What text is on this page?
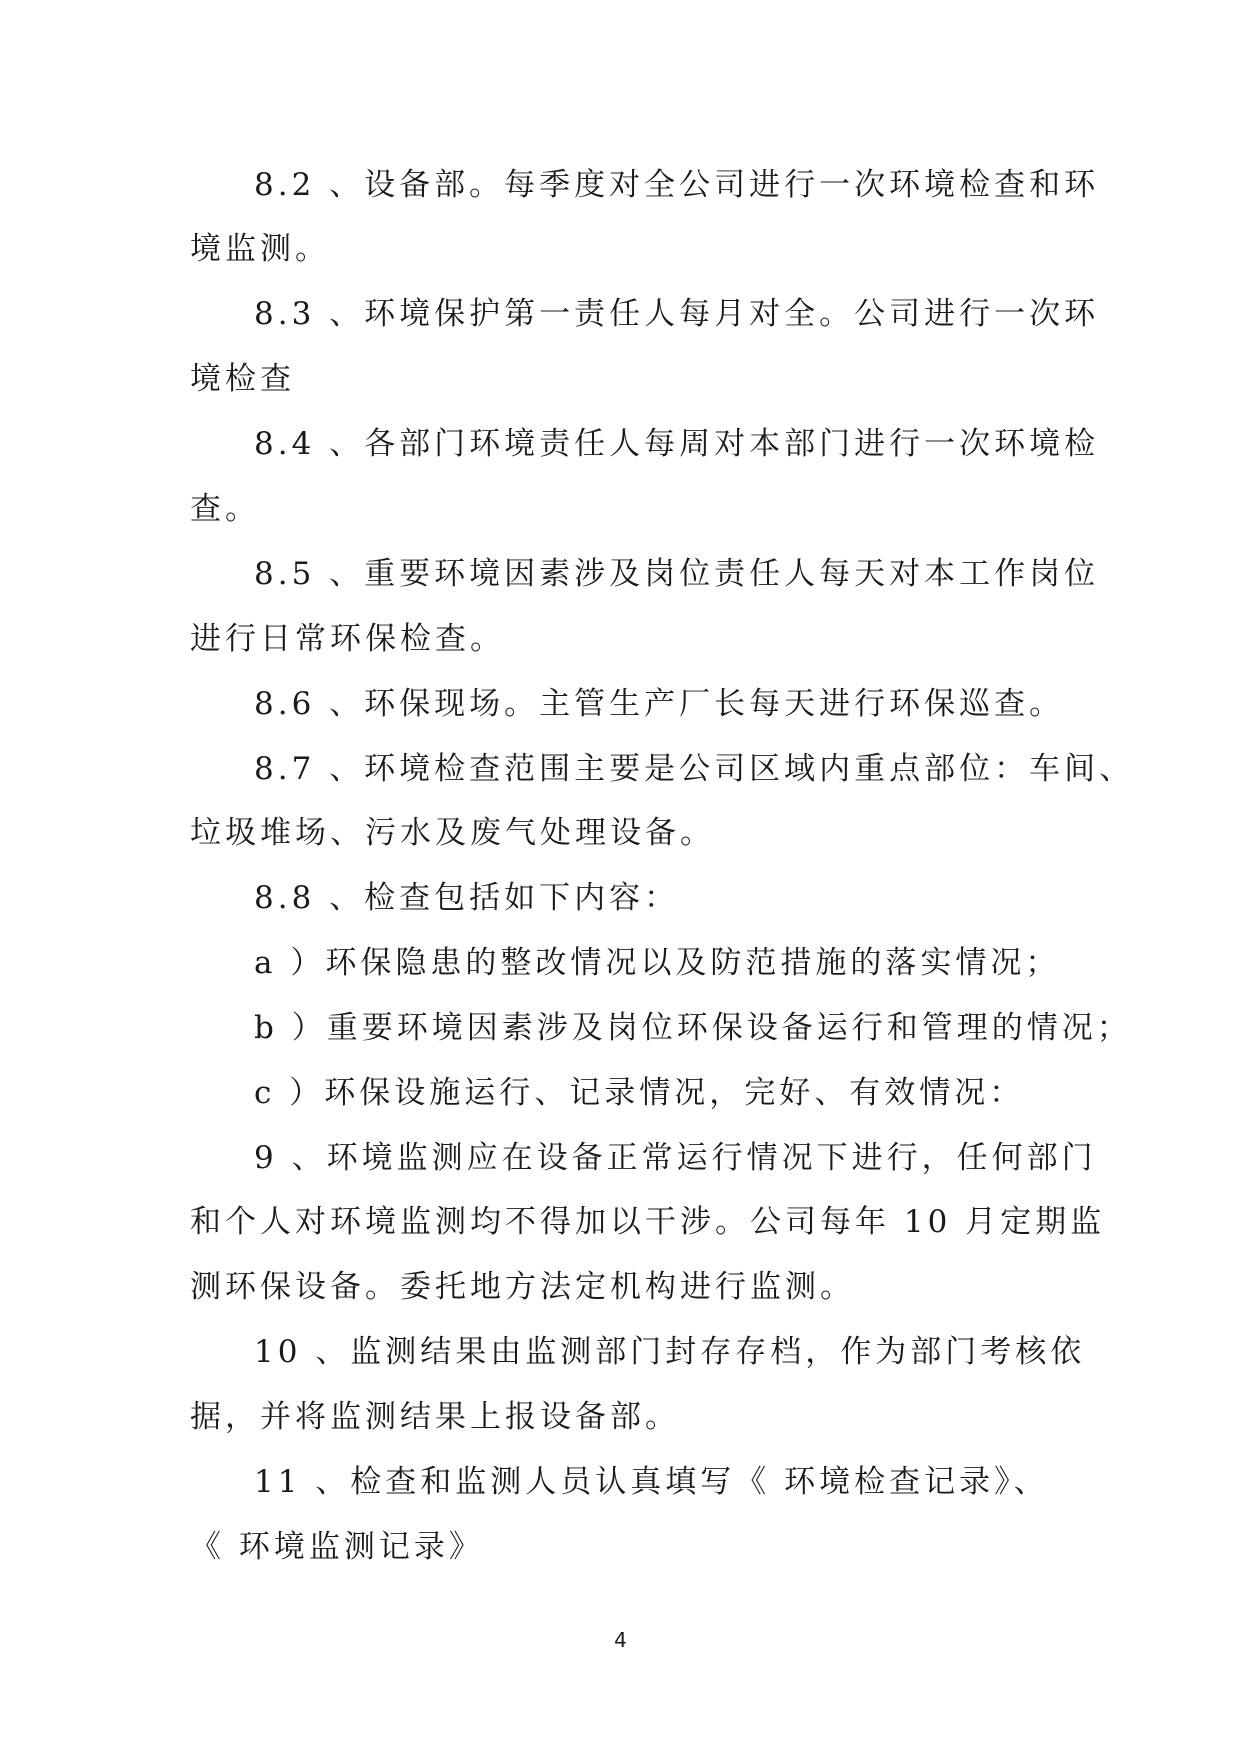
8.2 、设备部。每季度对全公司进行一次环境检查和环
境监测。
8.3 、环境保护第一责任人每月对全。公司进行一次环
境检查
8.4 、各部门环境责任人每周对本部门进行一次环境检
查。
8.5 、重要环境因素涉及岗位责任人每天对本工作岗位
进行日常环保检查。
8.6 、环保现场。主管生产厂长每天进行环保巡查。
8.7 、环境检查范围主要是公司区域内重点部位：车间、
垃圾堆场、污水及废气处理设备。
8.8 、检查包括如下内容：
a ）环保隐患的整改情况以及防范措施的落实情况；
b ）重要环境因素涉及岗位环保设备运行和管理的情况；
c ）环保设施运行、记录情况，完好、有效情况：
9 、环境监测应在设备正常运行情况下进行，任何部门
和个人对环境监测均不得加以干涉。公司每年 10 月定期监
测环保设备。委托地方法定机构进行监测。
10 、监测结果由监测部门封存存档，作为部门考核依
据，并将监测结果上报设备部。
11 、检查和监测人员认真填写《 环境检查记录》、
《 环境监测记录》
4
